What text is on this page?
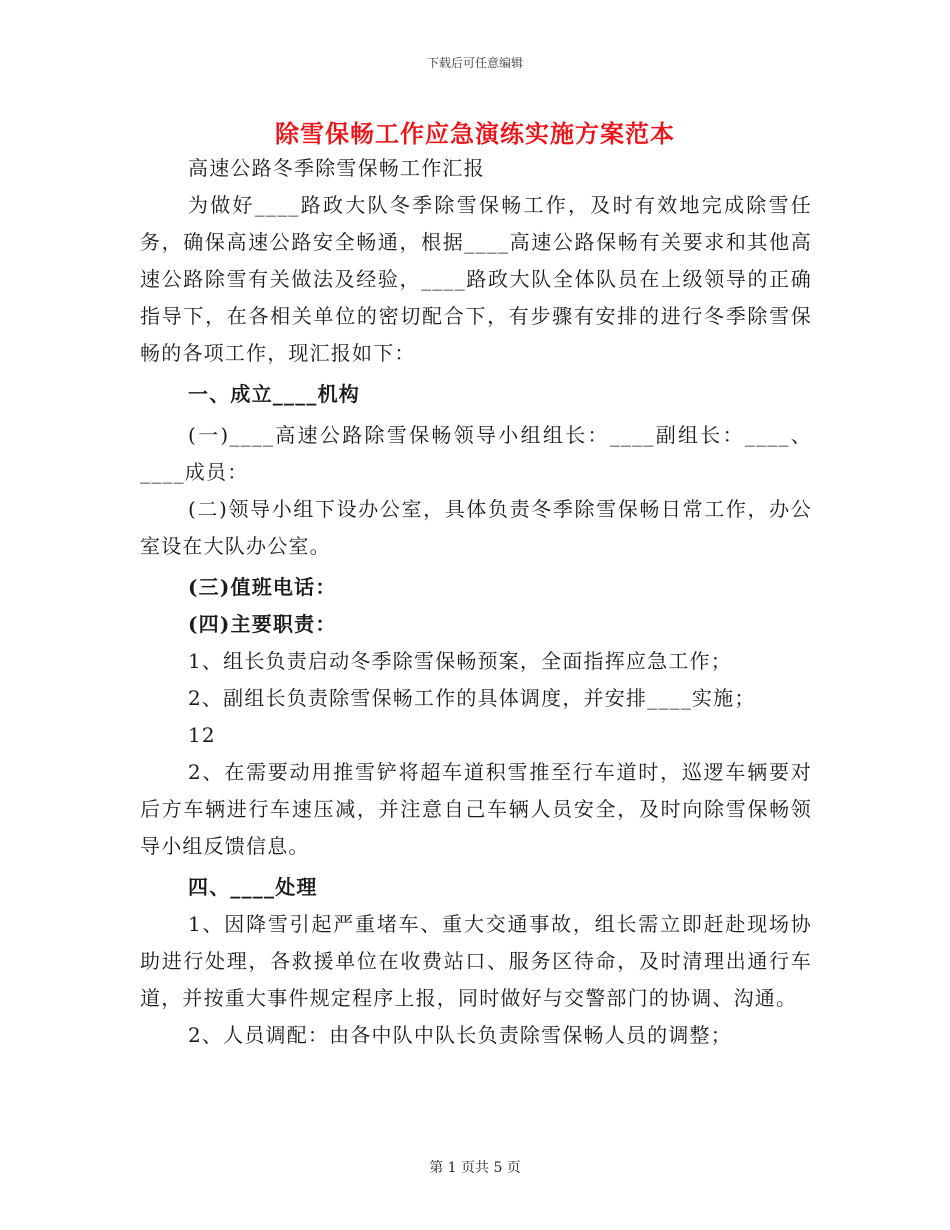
下载后可任意编辑
除雪保畅工作应急演练实施方案范本

高速公路冬季除雪保畅工作汇报

为做好____路政大队冬季除雪保畅工作，及时有效地完成除雪任务，确保高速公路安全畅通，根据____高速公路保畅有关要求和其他高速公路除雪有关做法及经验，____路政大队全体队员在上级领导的正确指导下，在各相关单位的密切配合下，有步骤有安排的进行冬季除雪保畅的各项工作，现汇报如下：

一、成立____机构

(一)____高速公路除雪保畅领导小组组长：____副组长：____、____成员：

(二)领导小组下设办公室，具体负责冬季除雪保畅日常工作，办公室设在大队办公室。

(三)值班电话：

(四)主要职责：

1、组长负责启动冬季除雪保畅预案，全面指挥应急工作；

2、副组长负责除雪保畅工作的具体调度，并安排____实施；

12

2、在需要动用推雪铲将超车道积雪推至行车道时，巡逻车辆要对后方车辆进行车速压减，并注意自己车辆人员安全，及时向除雪保畅领导小组反馈信息。

四、____处理

1、因降雪引起严重堵车、重大交通事故，组长需立即赶赴现场协助进行处理，各救援单位在收费站口、服务区待命，及时清理出通行车道，并按重大事件规定程序上报，同时做好与交警部门的协调、沟通。

2、人员调配：由各中队中队长负责除雪保畅人员的调整；

第 1 页共 5 页
